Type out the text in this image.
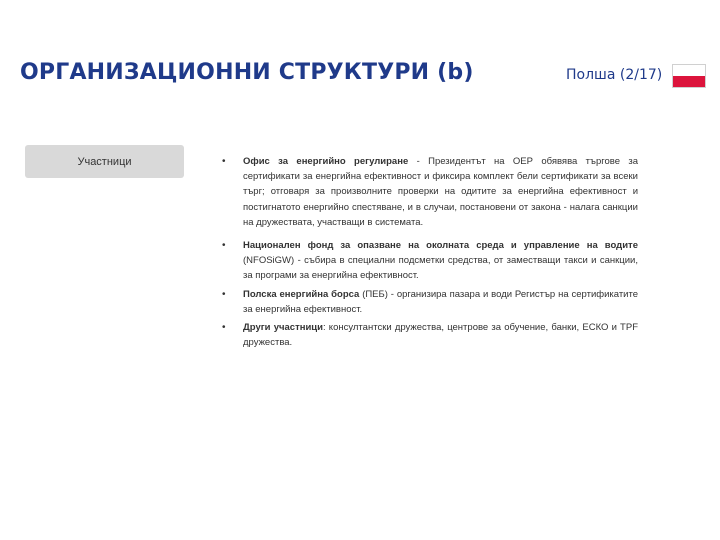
ОРГАНИЗАЦИОННИ СТРУКТУРИ (b)	Полша (2/17)
Участници	• Офис за енергийно регулиране - Президентът на ОЕР обявява търгове за сертификати за енергийна ефективност и фиксира комплект бели сертификати за всеки търг; отговаря за произволните проверки на одитите за енергийна ефективност и постигнатото енергийно спестяване, и в случаи, постановени от закона - налага санкции на дружествата, участващи в системата.
• Национален фонд за опазване на околната среда и управление на водите (NFOSiGW) - събира в специални подсметки средства, от заместващи такси и санкции, за програми за енергийна ефективност.
• Полска енергийна борса (ПЕБ) - организира пазара и води Регистър на сертификатите за енергийна ефективност.
• Други участници: консултантски дружества, центрове за обучение, банки, ЕСКО и TPF дружества.
